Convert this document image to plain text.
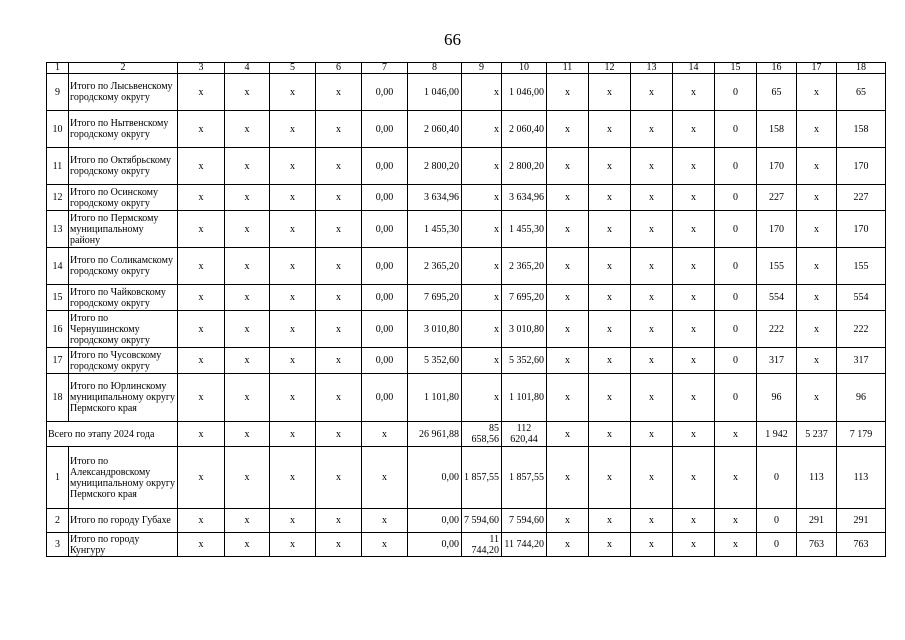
66
1	2	3	4	5	6	7	8	9	10	11	12	13	14	15	16	17	18
9	Итого по Лысьвенскому городскому округу	x	x	x	x	0,00	1 046,00	x	1 046,00	x	x	x	x	0	65	x	65
10	Итого по Нытвенскому городскому округу	x	x	x	x	0,00	2 060,40	x	2 060,40	x	x	x	x	0	158	x	158
11	Итого по Октябрьскому городскому округу	x	x	x	x	0,00	2 800,20	x	2 800,20	x	x	x	x	0	170	x	170
12	Итого по Осинскому городскому округу	x	x	x	x	0,00	3 634,96	x	3 634,96	x	x	x	x	0	227	x	227
13	Итого по Пермскому муниципальному району	x	x	x	x	0,00	1 455,30	x	1 455,30	x	x	x	x	0	170	x	170
14	Итого по Соликамскому городскому округу	x	x	x	x	0,00	2 365,20	x	2 365,20	x	x	x	x	0	155	x	155
15	Итого по Чайковскому городскому округу	x	x	x	x	0,00	7 695,20	x	7 695,20	x	x	x	x	0	554	x	554
16	Итого по Чернушинскому городскому округу	x	x	x	x	0,00	3 010,80	x	3 010,80	x	x	x	x	0	222	x	222
17	Итого по Чусовскому городскому округу	x	x	x	x	0,00	5 352,60	x	5 352,60	x	x	x	x	0	317	x	317
18	Итого по Юрлинскому муниципальному округу Пермского края	x	x	x	x	0,00	1 101,80	x	1 101,80	x	x	x	x	0	96	x	96
Всего по этапу 2024 года		x	x	x	x	x	26 961,88	85 658,56	112 620,44	x	x	x	x	x	1 942	5 237	7 179
1	Итого по Александровскому муниципальному округу Пермского края	x	x	x	x	x	0,00	1 857,55	1 857,55	x	x	x	x	x	0	113	113
2	Итого по городу Губахе	x	x	x	x	x	0,00	7 594,60	7 594,60	x	x	x	x	x	0	291	291
3	Итого по городу Кунгуру	x	x	x	x	x	0,00	11 744,20	11 744,20	x	x	x	x	x	0	763	763
